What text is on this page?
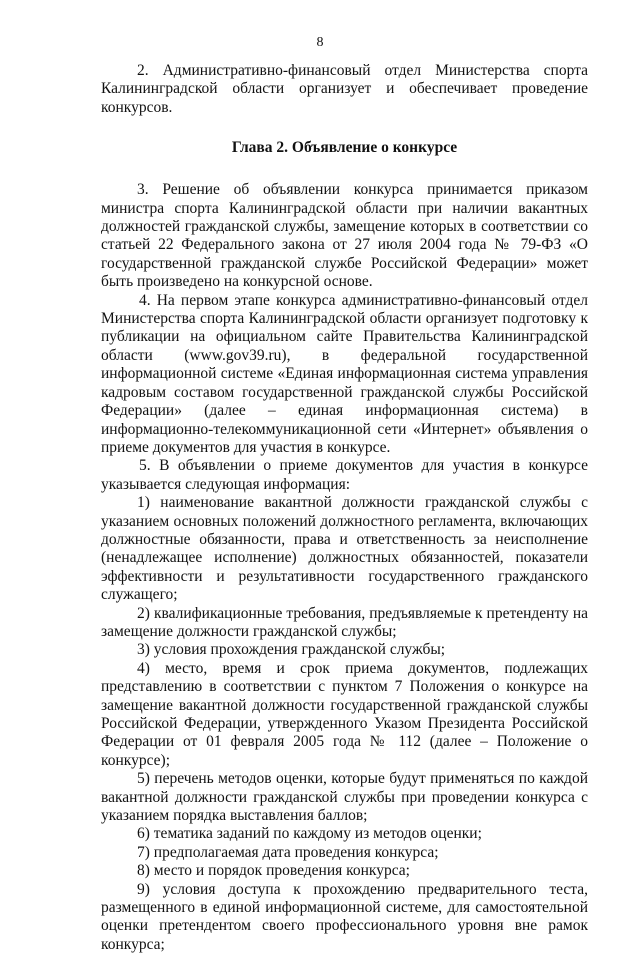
8

2. Административно-финансовый отдел Министерства спорта Калининградской области организует и обеспечивает проведение конкурсов.

Глава 2. Объявление о конкурсе

3. Решение об объявлении конкурса принимается приказом министра спорта Калининградской области при наличии вакантных должностей гражданской службы, замещение которых в соответствии со статьей 22 Федерального закона от 27 июля 2004 года № 79-ФЗ «О государственной гражданской службе Российской Федерации» может быть произведено на конкурсной основе.

4. На первом этапе конкурса административно-финансовый отдел Министерства спорта Калининградской области организует подготовку к публикации на официальном сайте Правительства Калининградской области (www.gov39.ru), в федеральной государственной информационной системе «Единая информационная система управления кадровым составом государственной гражданской службы Российской Федерации» (далее – единая информационная система) в информационно-телекоммуникационной сети «Интернет» объявления о приеме документов для участия в конкурсе.

5. В объявлении о приеме документов для участия в конкурсе указывается следующая информация:

1) наименование вакантной должности гражданской службы с указанием основных положений должностного регламента, включающих должностные обязанности, права и ответственность за неисполнение (ненадлежащее исполнение) должностных обязанностей, показатели эффективности и результативности государственного гражданского служащего;

2) квалификационные требования, предъявляемые к претенденту на замещение должности гражданской службы;

3) условия прохождения гражданской службы;

4) место, время и срок приема документов, подлежащих представлению в соответствии с пунктом 7 Положения о конкурсе на замещение вакантной должности государственной гражданской службы Российской Федерации, утвержденного Указом Президента Российской Федерации от 01 февраля 2005 года № 112 (далее – Положение о конкурсе);

5) перечень методов оценки, которые будут применяться по каждой вакантной должности гражданской службы при проведении конкурса с указанием порядка выставления баллов;

6) тематика заданий по каждому из методов оценки;

7) предполагаемая дата проведения конкурса;

8) место и порядок проведения конкурса;

9) условия доступа к прохождению предварительного теста, размещенного в единой информационной системе, для самостоятельной оценки претендентом своего профессионального уровня вне рамок конкурса;
